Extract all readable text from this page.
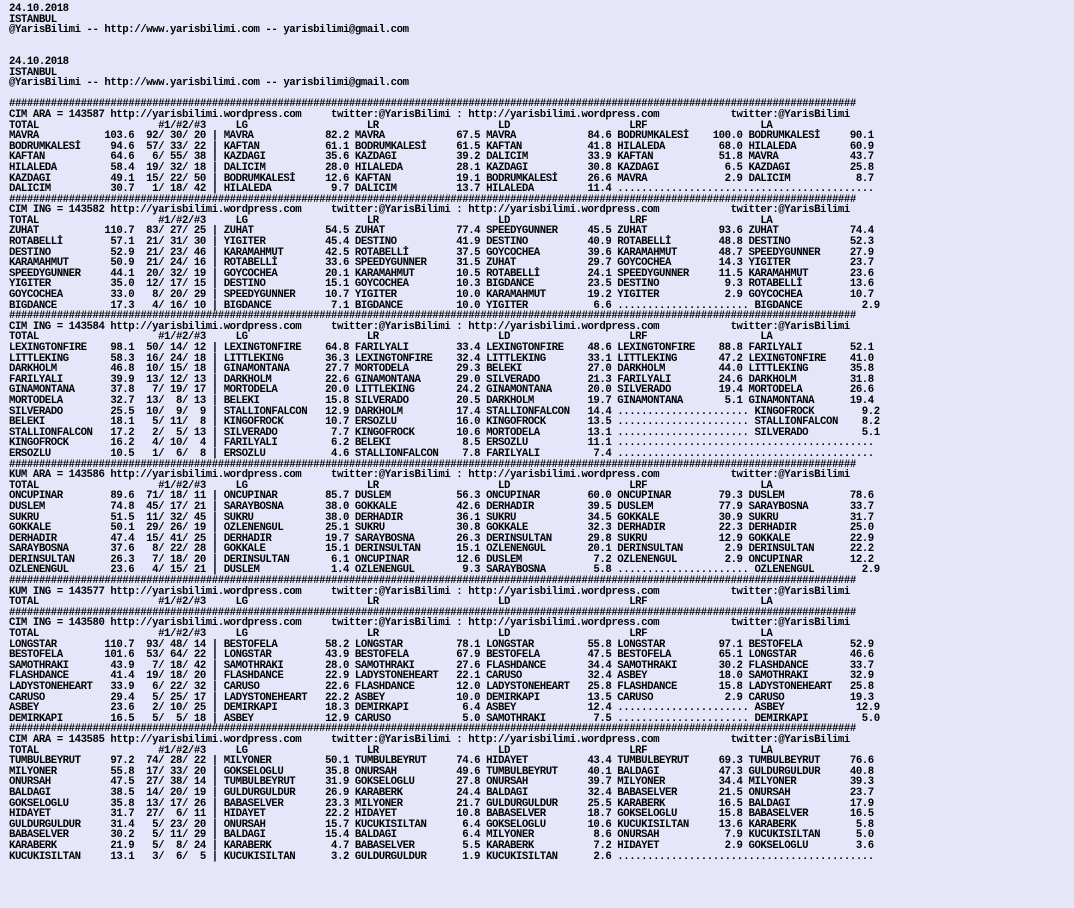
24.10.2018
ISTANBUL
@YarisBilimi -- http://www.yarisbilimi.com -- yarisbilimi@gmail.com
24.10.2018
ISTANBUL
@YarisBilimi -- http://www.yarisbilimi.com -- yarisbilimi@gmail.com
##############################################################################################################################################
CIM ARA = 143587 http://yarisbilimi.wordpress.com     twitter:@YarisBilimi : http://yarisbilimi.wordpress.com            twitter:@YarisBilimi
TOTAL                    #1/#2/#3     LG                    LR                    LD                    LRF                   LA
MAVRA           103.6  92/ 30/ 20 | MAVRA            82.2 MAVRA            67.5 MAVRA            84.6 BODRUMKALESİ    100.0 BODRUMKALESİ     90.1
BODRUMKALESİ     94.6  57/ 33/ 22 | KAFTAN           61.1 BODRUMKALESİ     61.5 KAFTAN           41.8 HILALEDA         68.0 HILALEDA         60.9
KAFTAN           64.6   6/ 55/ 38 | KAZDAGI          35.6 KAZDAGI          39.2 DALICIM          33.9 KAFTAN           51.8 MAVRA            43.7
HILALEDA         58.4  19/ 32/ 18 | DALICIM          28.0 HILALEDA         28.1 KAZDAGI          30.8 KAZDAGI           6.5 KAZDAGI          25.8
KAZDAGI          49.1  15/ 22/ 50 | BODRUMKALESİ     12.6 KAFTAN           19.1 BODRUMKALESİ     26.6 MAVRA             2.9 DALICIM           8.7
DALICIM          30.7   1/ 18/ 42 | HILALEDA          9.7 DALICIM          13.7 HILALEDA         11.4 ...........................................
##############################################################################################################################################
CIM ING = 143582 http://yarisbilimi.wordpress.com     twitter:@YarisBilimi : http://yarisbilimi.wordpress.com            twitter:@YarisBilimi
TOTAL                    #1/#2/#3     LG                    LR                    LD                    LRF                   LA
ZUHAT           110.7  83/ 27/ 25 | ZUHAT            54.5 ZUHAT            77.4 SPEEDYGUNNER     45.5 ZUHAT            93.6 ZUHAT            74.4
ROTABELLİ        57.1  21/ 31/ 30 | YIGITER          45.4 DESTINO          41.9 DESTINO          40.9 ROTABELLİ        48.8 DESTINO          52.3
DESTINO          52.9  21/ 23/ 46 | KARAMAHMUT       42.5 ROTABELLİ        37.5 GOYCOCHEA        39.6 KARAMAHMUT       48.7 SPEEDYGUNNER     27.9
KARAMAHMUT       50.9  21/ 24/ 16 | ROTABELLİ        33.6 SPEEDYGUNNER     31.5 ZUHAT            29.7 GOYCOCHEA        14.3 YIGITER          23.7
SPEEDYGUNNER     44.1  20/ 32/ 19 | GOYCOCHEA        20.1 KARAMAHMUT       10.5 ROTABELLİ        24.1 SPEEDYGUNNER     11.5 KARAMAHMUT       23.6
YIGITER          35.0  12/ 17/ 15 | DESTINO          15.1 GOYCOCHEA        10.3 BIGDANCE         23.5 DESTINO           9.3 ROTABELLİ        13.6
GOYCOCHEA        33.0   8/ 20/ 29 | SPEEDYGUNNER     10.7 YIGITER          10.0 KARAMAHMUT       19.2 YIGITER           2.9 GOYCOCHEA        10.7
BIGDANCE         17.3   4/ 16/ 10 | BIGDANCE          7.1 BIGDANCE         10.0 YIGITER           6.6 ...................... BIGDANCE          2.9
##############################################################################################################################################
CIM ING = 143584 http://yarisbilimi.wordpress.com     twitter:@YarisBilimi : http://yarisbilimi.wordpress.com            twitter:@YarisBilimi
TOTAL                    #1/#2/#3     LG                    LR                    LD                    LRF                   LA
LEXINGTONFIRE    98.1  50/ 14/ 12 | LEXINGTONFIRE    64.8 FARILYALI        33.4 LEXINGTONFIRE    48.6 LEXINGTONFIRE    88.8 FARILYALI        52.1
LITTLEKING       58.3  16/ 24/ 18 | LITTLEKING       36.3 LEXINGTONFIRE    32.4 LITTLEKING       33.1 LITTLEKING       47.2 LEXINGTONFIRE    41.0
DARKHOLM         46.8  10/ 15/ 18 | GINAMONTANA      27.7 MORTODELA        29.3 BELEKI           27.0 DARKHOLM         44.0 LITTLEKING       35.8
FARILYALI        39.9  13/ 12/ 13 | DARKHOLM         22.6 GINAMONTANA      29.0 SILVERADO        21.3 FARILYALI        24.6 DARKHOLM         31.8
GINAMONTANA      37.8   7/ 19/ 17 | MORTODELA        20.0 LITTLEKING       24.2 GINAMONTANA      20.0 SILVERADO        19.4 MORTODELA        26.6
MORTODELA        32.7  13/  8/ 13 | BELEKI           15.8 SILVERADO        20.5 DARKHOLM         19.7 GINAMONTANA       5.1 GINAMONTANA      19.4
SILVERADO        25.5  10/  9/  9 | STALLIONFALCON   12.9 DARKHOLM         17.4 STALLIONFALCON   14.4 ...................... KINGOFROCK        9.2
BELEKI           18.1   5/ 11/  8 | KINGOFROCK       10.7 ERSOZLU          16.0 KINGOFROCK       13.5 ...................... STALLIONFALCON    8.2
STALLIONFALCON   17.2   2/  5/ 13 | SILVERADO         7.7 KINGOFROCK       10.6 MORTODELA        13.1 ...................... SILVERADO         5.1
KINGOFROCK       16.2   4/ 10/  4 | FARILYALI         6.2 BELEKI            8.5 ERSOZLU          11.1 ...........................................
ERSOZLU          10.5   1/  6/  8 | ERSOZLU           4.6 STALLIONFALCON    7.8 FARILYALI         7.4 ...........................................
##############################################################################################################################################
KUM ARA = 143586 http://yarisbilimi.wordpress.com     twitter:@YarisBilimi : http://yarisbilimi.wordpress.com            twitter:@YarisBilimi
TOTAL                    #1/#2/#3     LG                    LR                    LD                    LRF                   LA
ONCUPINAR        89.6  71/ 18/ 11 | ONCUPINAR        85.7 DUSLEM           56.3 ONCUPINAR        60.0 ONCUPINAR        79.3 DUSLEM           78.6
DUSLEM           74.8  45/ 17/ 21 | SARAYBOSNA       38.0 GOKKALE          42.6 DERHADIR         39.5 DUSLEM           77.9 SARAYBOSNA       33.7
SUKRU            51.5  11/ 32/ 45 | SUKRU            38.0 DERHADIR         36.1 SUKRU            34.5 GOKKALE          30.9 SUKRU            31.7
GOKKALE          50.1  29/ 26/ 19 | OZLENENGUL       25.1 SUKRU            30.8 GOKKALE          32.3 DERHADIR         22.3 DERHADIR         25.0
DERHADIR         47.4  15/ 41/ 25 | DERHADIR         19.7 SARAYBOSNA       26.3 DERINSULTAN      29.8 SUKRU            12.9 GOKKALE          22.9
SARAYBOSNA       37.6   8/ 22/ 28 | GOKKALE          15.1 DERINSULTAN      15.1 OZLENENGUL       20.1 DERINSULTAN       2.9 DERINSULTAN      22.2
DERINSULTAN      26.3   7/ 18/ 20 | DERINSULTAN       6.1 ONCUPINAR        12.6 DUSLEM            7.2 OZLENENGUL        2.9 ONCUPINAR        12.2
OZLENENGUL       23.6   4/ 15/ 21 | DUSLEM            1.4 OZLENENGUL        9.3 SARAYBOSNA        5.8 ...................... OZLENENGUL        2.9
##############################################################################################################################################
KUM ING = 143577 http://yarisbilimi.wordpress.com     twitter:@YarisBilimi : http://yarisbilimi.wordpress.com            twitter:@YarisBilimi
TOTAL                    #1/#2/#3     LG                    LR                    LD                    LRF                   LA
##############################################################################################################################################
CIM ING = 143580 http://yarisbilimi.wordpress.com     twitter:@YarisBilimi : http://yarisbilimi.wordpress.com            twitter:@YarisBilimi
TOTAL                    #1/#2/#3     LG                    LR                    LD                    LRF                   LA
LONGSTAR        110.7  93/ 48/ 14 | BESTOFELA        58.2 LONGSTAR         78.1 LONGSTAR         55.8 LONGSTAR         97.1 BESTOFELA        52.9
BESTOFELA       101.6  53/ 64/ 22 | LONGSTAR         43.9 BESTOFELA        67.9 BESTOFELA        47.5 BESTOFELA        65.1 LONGSTAR         46.6
SAMOTHRAKI       43.9   7/ 18/ 42 | SAMOTHRAKI       28.0 SAMOTHRAKI       27.6 FLASHDANCE       34.4 SAMOTHRAKI       30.2 FLASHDANCE       33.7
FLASHDANCE       41.4  19/ 18/ 20 | FLASHDANCE       22.9 LADYSTONEHEART   22.1 CARUSO           32.4 ASBEY            18.0 SAMOTHRAKI       32.9
LADYSTONEHEART   33.9   6/ 22/ 32 | CARUSO           22.6 FLASHDANCE       12.0 LADYSTONEHEART   25.8 FLASHDANCE       15.8 LADYSTONEHEART   25.8
CARUSO           29.4   5/ 25/ 17 | LADYSTONEHEART   22.2 ASBEY            10.0 DEMIRKAPI        13.5 CARUSO            2.9 CARUSO           19.3
ASBEY            23.6   2/ 10/ 25 | DEMIRKAPI        18.3 DEMIRKAPI         6.4 ASBEY            12.4 ...................... ASBEY            12.9
DEMIRKAPI        16.5   5/  5/ 18 | ASBEY            12.9 CARUSO            5.0 SAMOTHRAKI        7.5 ...................... DEMIRKAPI         5.0
##############################################################################################################################################
CIM ARA = 143585 http://yarisbilimi.wordpress.com     twitter:@YarisBilimi : http://yarisbilimi.wordpress.com            twitter:@YarisBilimi
TOTAL                    #1/#2/#3     LG                    LR                    LD                    LRF                   LA
TUMBULBEYRUT     97.2  74/ 28/ 22 | MILYONER         50.1 TUMBULBEYRUT     74.6 HIDAYET          43.4 TUMBULBEYRUT     69.3 TUMBULBEYRUT     76.6
MILYONER         55.8  17/ 33/ 20 | GOKSELOGLU       35.8 ONURSAH          49.6 TUMBULBEYRUT     40.1 BALDAGI          47.3 GULDURGULDUR     40.8
ONURSAH          47.5  27/ 38/ 14 | TUMBULBEYRUT     31.9 GOKSELOGLU       27.8 ONURSAH          39.7 MILYONER         34.4 MILYONER         39.3
BALDAGI          38.5  14/ 20/ 19 | GULDURGULDUR     26.9 KARABERK         24.4 BALDAGI          32.4 BABASELVER       21.5 ONURSAH          23.7
GOKSELOGLU       35.8  13/ 17/ 26 | BABASELVER       23.3 MILYONER         21.7 GULDURGULDUR     25.5 KARABERK         16.5 BALDAGI          17.9
HIDAYET          31.7  27/  6/ 11 | HIDAYET          22.2 HIDAYET          10.8 BABASELVER       18.7 GOKSELOGLU       15.8 BABASELVER       16.5
GULDURGULDUR     31.4   5/ 23/ 20 | ONURSAH          15.7 KUCUKISILTAN      6.4 GOKSELOGLU       10.6 KUCUKISILTAN     13.6 KARABERK          5.8
BABASELVER       30.2   5/ 11/ 29 | BALDAGI          15.4 BALDAGI           6.4 MILYONER          8.6 ONURSAH           7.9 KUCUKISILTAN      5.0
KARABERK         21.9   5/  8/ 24 | KARABERK          4.7 BABASELVER        5.5 KARABERK          7.2 HIDAYET           2.9 GOKSELOGLU        3.6
KUCUKISILTAN     13.1   3/  6/  5 | KUCUKISILTAN      3.2 GULDURGULDUR      1.9 KUCUKISILTAN      2.6 ...........................................
